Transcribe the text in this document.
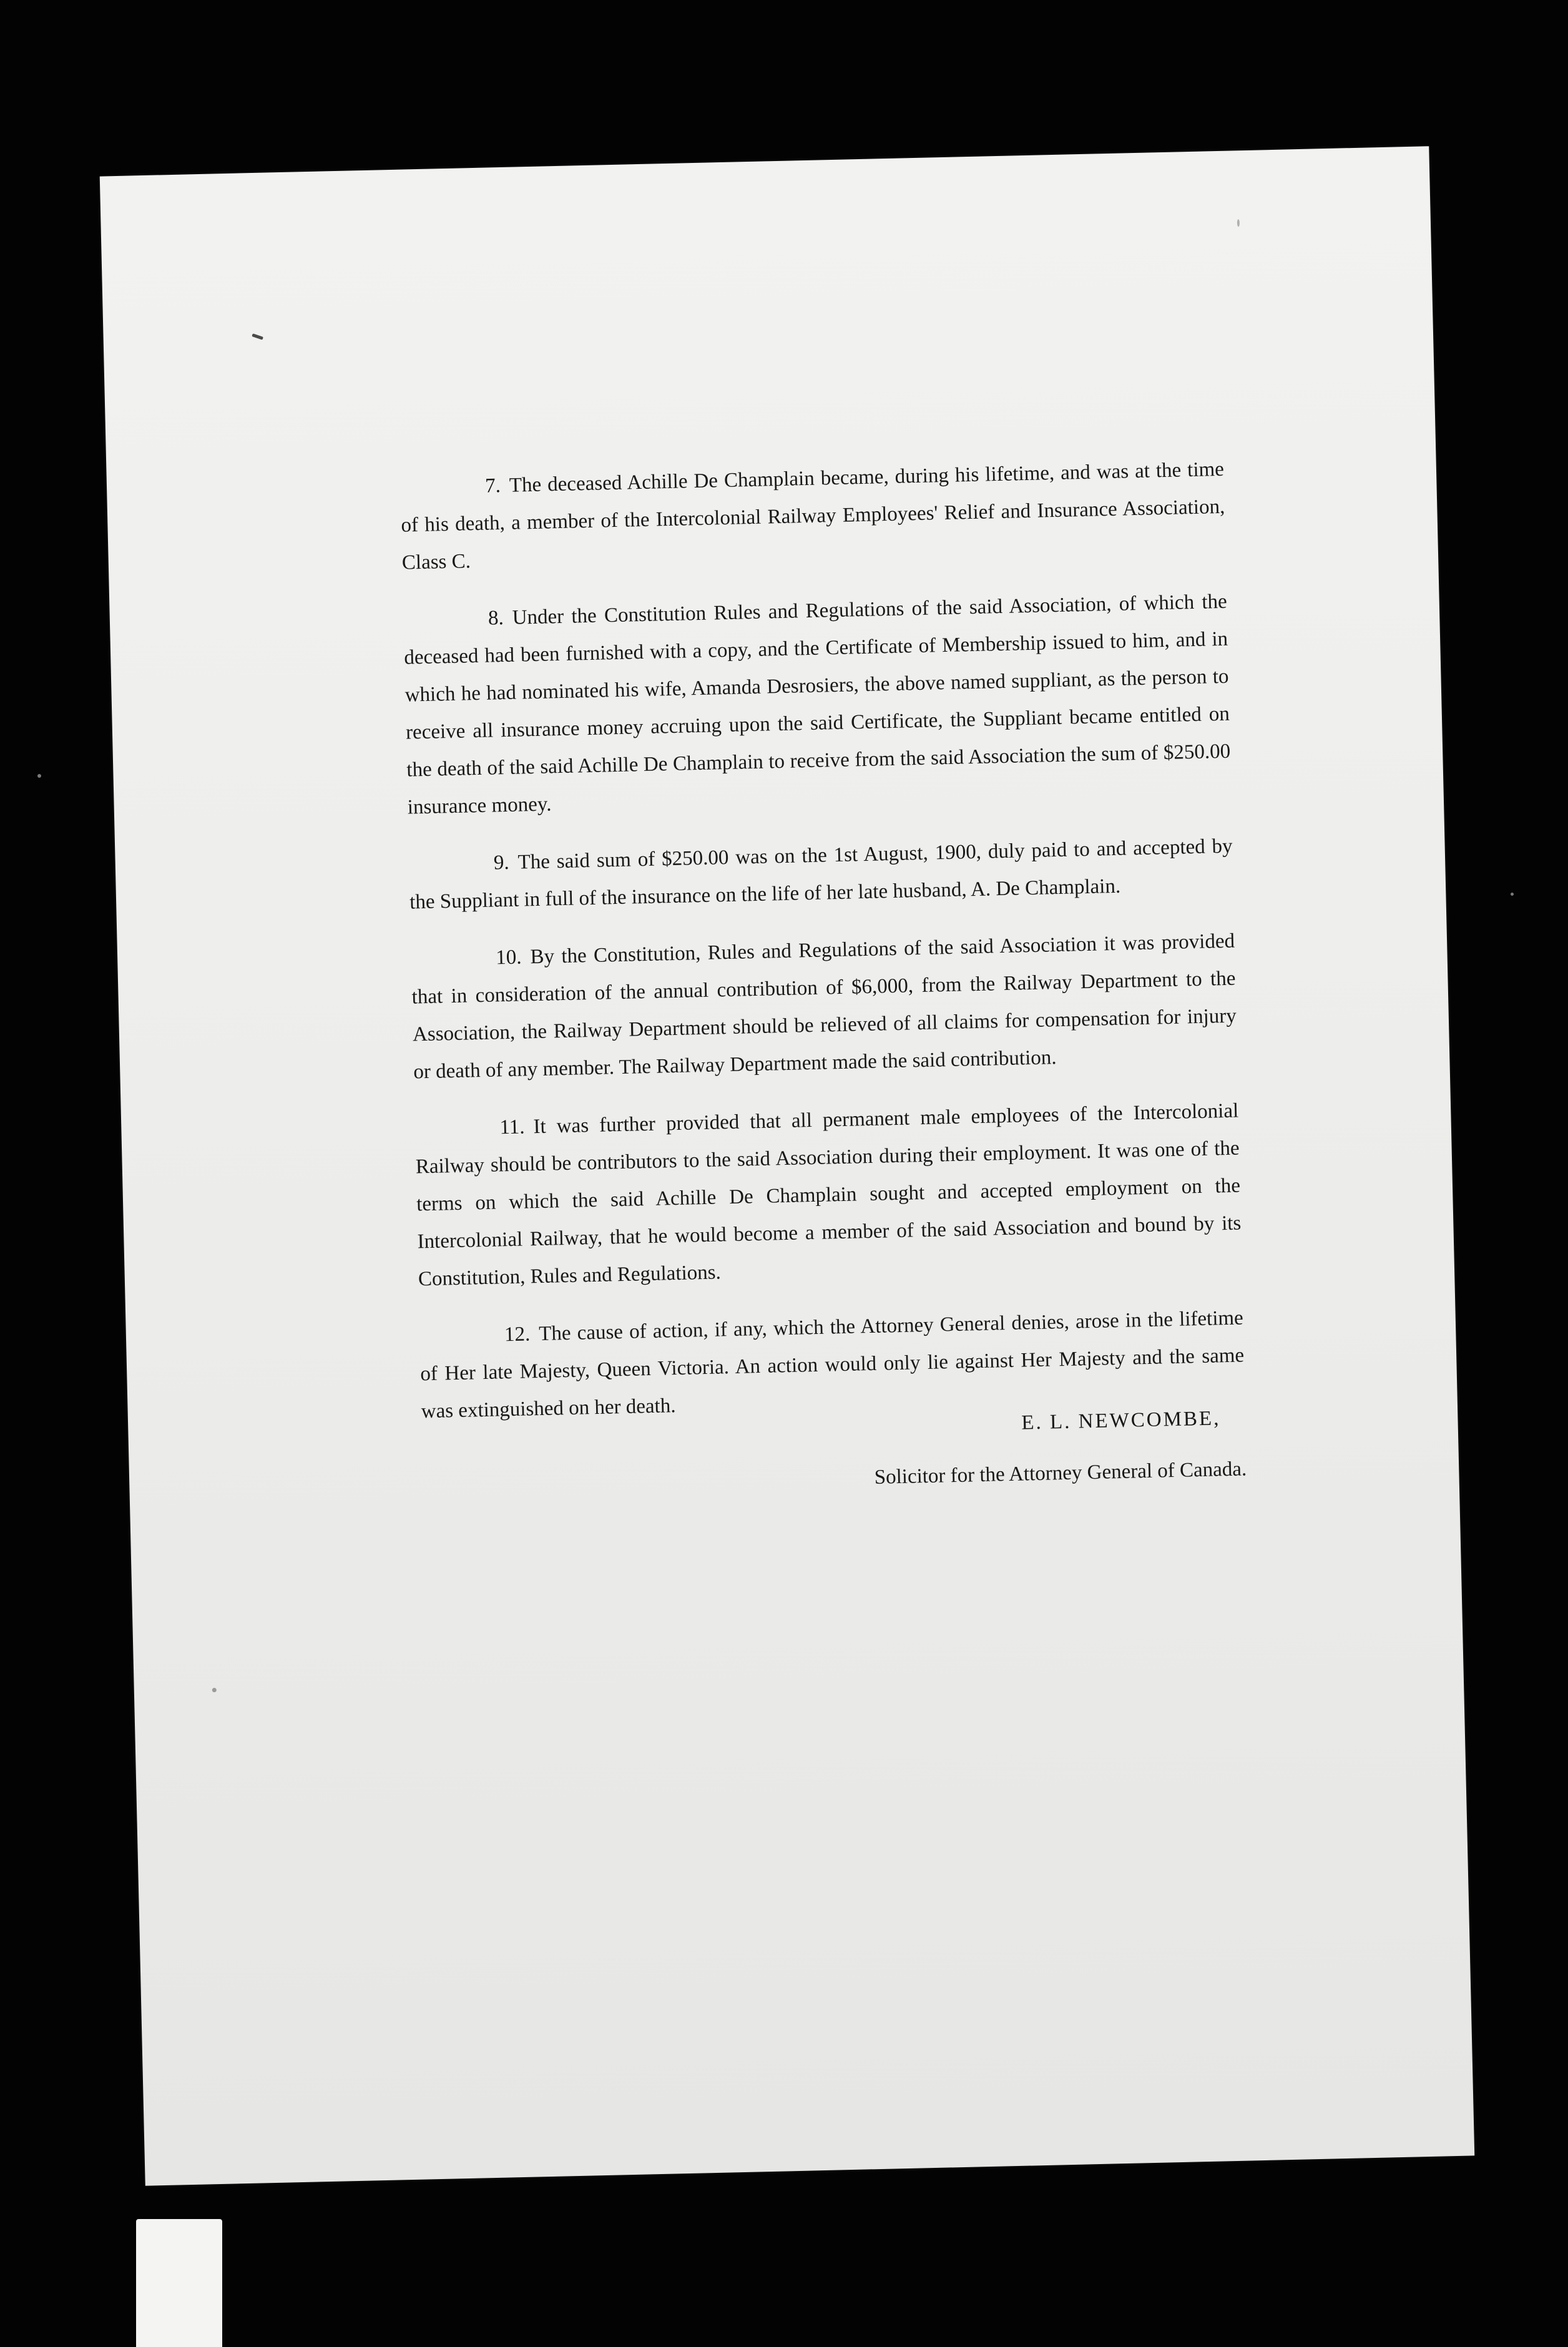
7. The deceased Achille De Champlain became, during his lifetime, and was at the time of his death, a member of the Intercolonial Railway Employees' Relief and Insurance Association, Class C.

8. Under the Constitution Rules and Regulations of the said Association, of which the deceased had been furnished with a copy, and the Certificate of Membership issued to him, and in which he had nominated his wife, Amanda Desrosiers, the above named suppliant, as the person to receive all insurance money accruing upon the said Certificate, the Suppliant became entitled on the death of the said Achille De Champlain to receive from the said Association the sum of $250.00 insurance money.

9. The said sum of $250.00 was on the 1st August, 1900, duly paid to and accepted by the Suppliant in full of the insurance on the life of her late husband, A. De Champlain.

10. By the Constitution, Rules and Regulations of the said Association it was provided that in consideration of the annual contribution of $6,000, from the Railway Department to the Association, the Railway Department should be relieved of all claims for compensation for injury or death of any member. The Railway Department made the said contribution.

11. It was further provided that all permanent male employees of the Intercolonial Railway should be contributors to the said Association during their employment. It was one of the terms on which the said Achille De Champlain sought and accepted employment on the Intercolonial Railway, that he would become a member of the said Association and bound by its Constitution, Rules and Regulations.

12. The cause of action, if any, which the Attorney General denies, arose in the lifetime of Her late Majesty, Queen Victoria. An action would only lie against Her Majesty and the same was extinguished on her death.	E. L. NEWCOMBE,
Solicitor for the Attorney General of Canada.
